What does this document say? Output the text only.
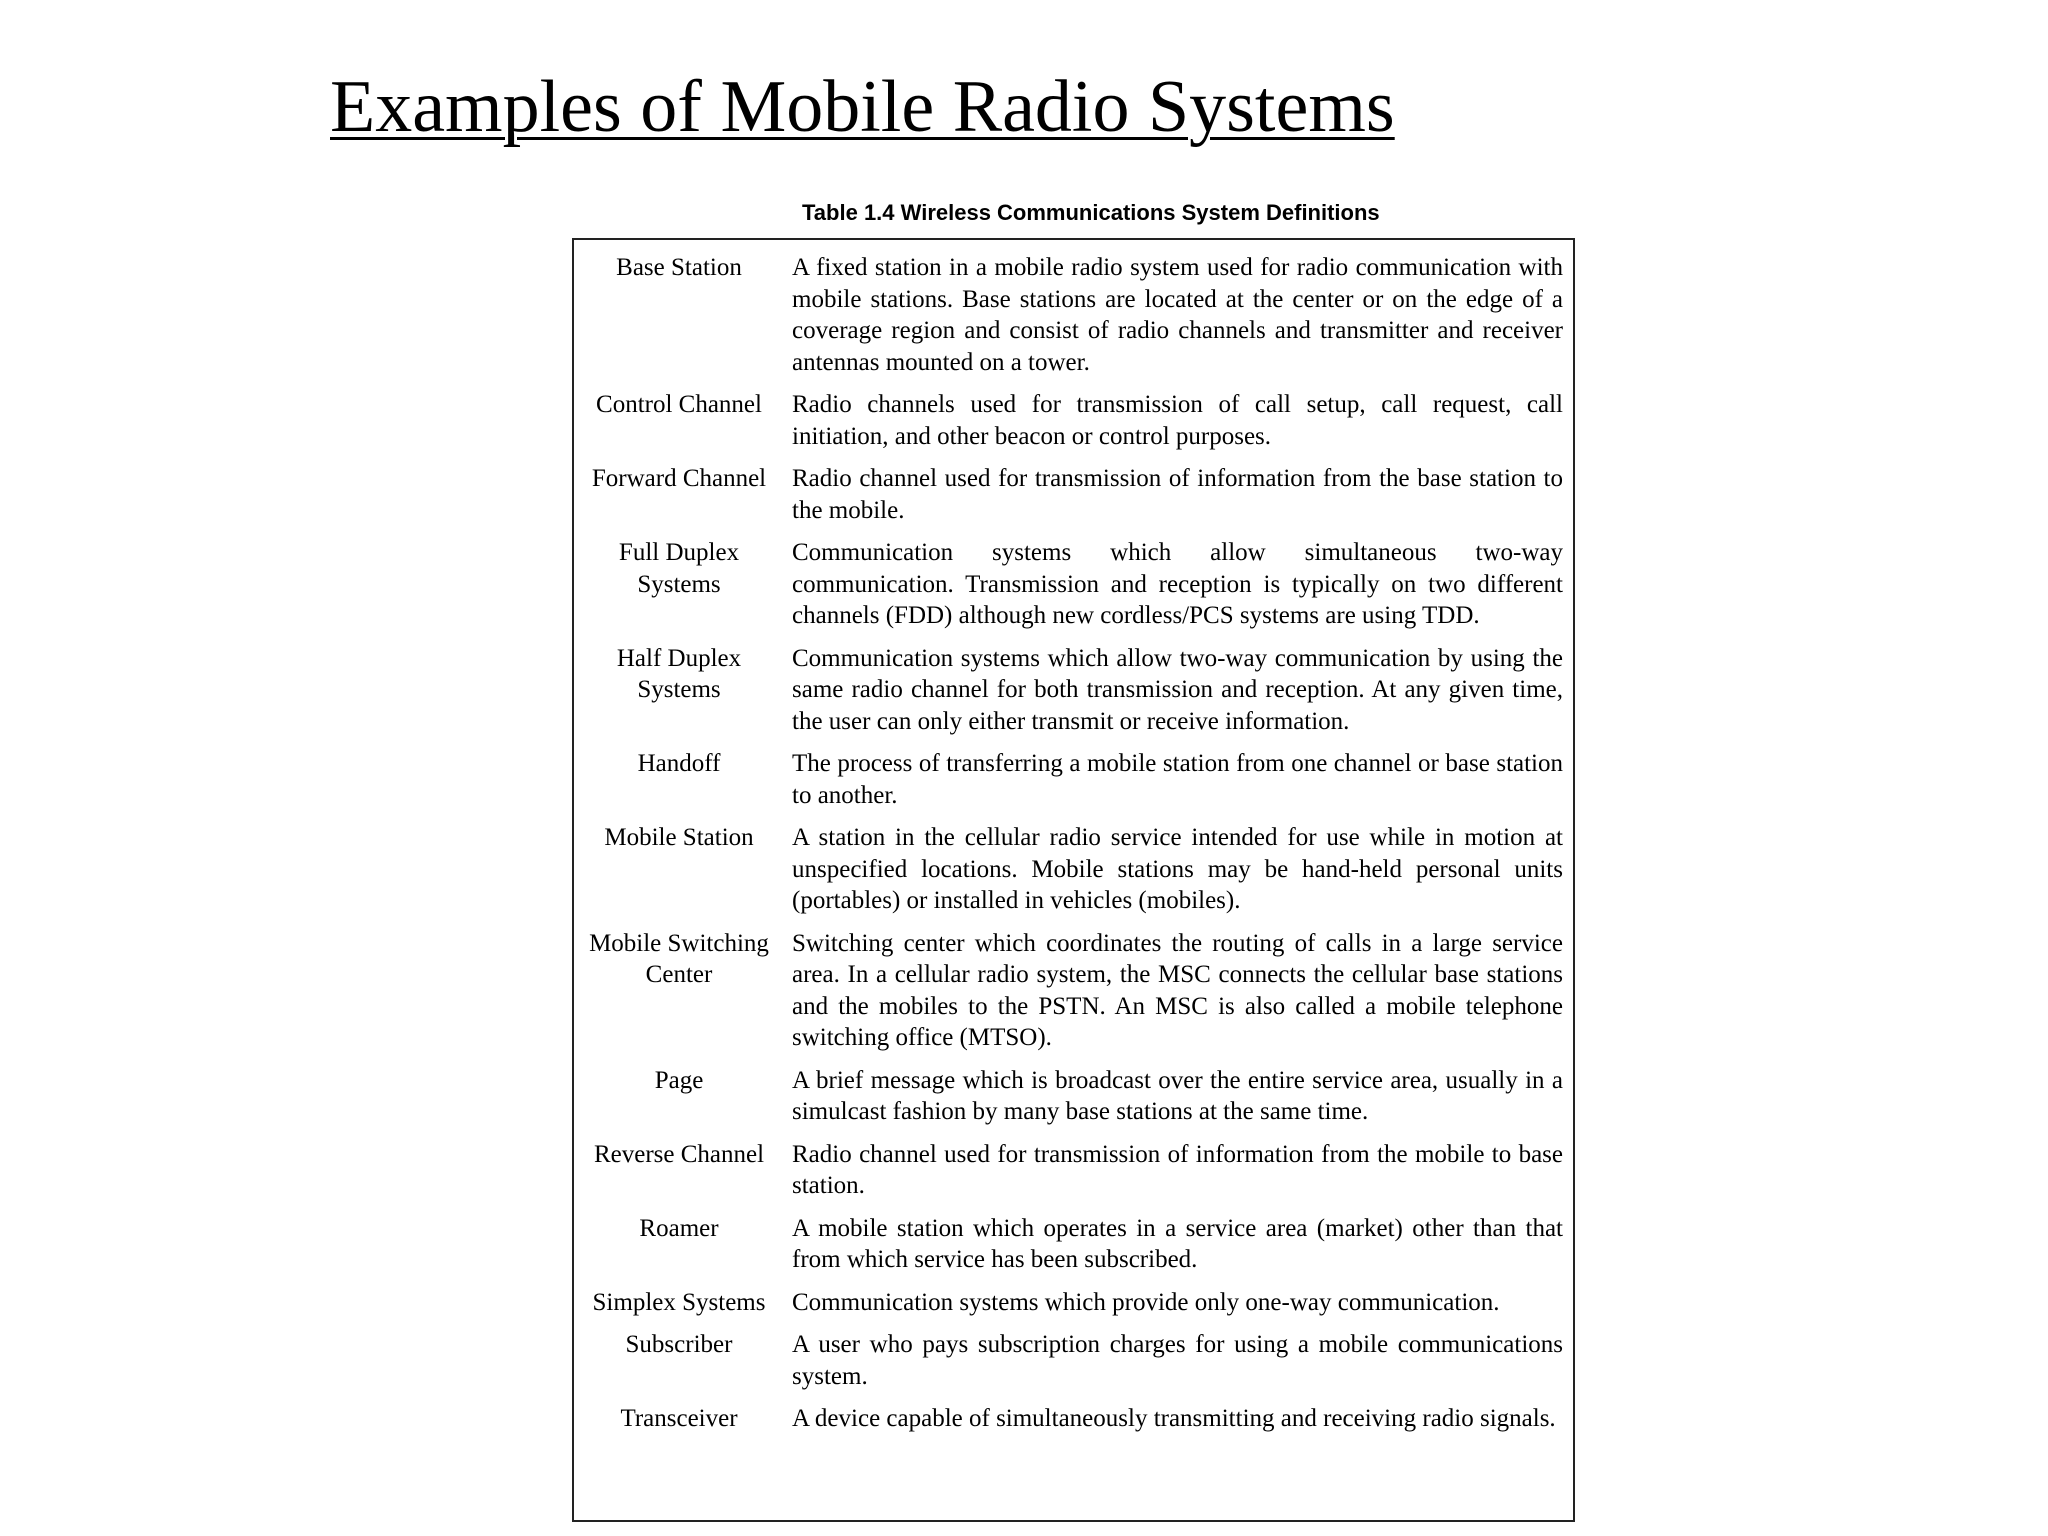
Examples of Mobile Radio Systems
Table 1.4 Wireless Communications System Definitions
Base Station	A fixed station in a mobile radio system used for radio communication with mobile stations. Base stations are located at the center or on the edge of a coverage region and consist of radio channels and transmitter and receiver antennas mounted on a tower.
Control Channel	Radio channels used for transmission of call setup, call request, call initiation, and other beacon or control purposes.
Forward Channel	Radio channel used for transmission of information from the base station to the mobile.
Full Duplex
Systems	Communication systems which allow simultaneous two-way communication. Transmission and reception is typically on two different channels (FDD) although new cordless/PCS systems are using TDD.
Half Duplex
Systems	Communication systems which allow two-way communication by using the same radio channel for both transmission and reception. At any given time, the user can only either transmit or receive information.
Handoff	The process of transferring a mobile station from one channel or base station to another.
Mobile Station	A station in the cellular radio service intended for use while in motion at unspecified locations. Mobile stations may be hand-held personal units (portables) or installed in vehicles (mobiles).
Mobile Switching
Center	Switching center which coordinates the routing of calls in a large service area. In a cellular radio system, the MSC connects the cellular base stations and the mobiles to the PSTN. An MSC is also called a mobile telephone switching office (MTSO).
Page	A brief message which is broadcast over the entire service area, usually in a simulcast fashion by many base stations at the same time.
Reverse Channel	Radio channel used for transmission of information from the mobile to base station.
Roamer	A mobile station which operates in a service area (market) other than that from which service has been subscribed.
Simplex Systems	Communication systems which provide only one-way communication.
Subscriber	A user who pays subscription charges for using a mobile communications system.
Transceiver	A device capable of simultaneously transmitting and receiving radio signals.
